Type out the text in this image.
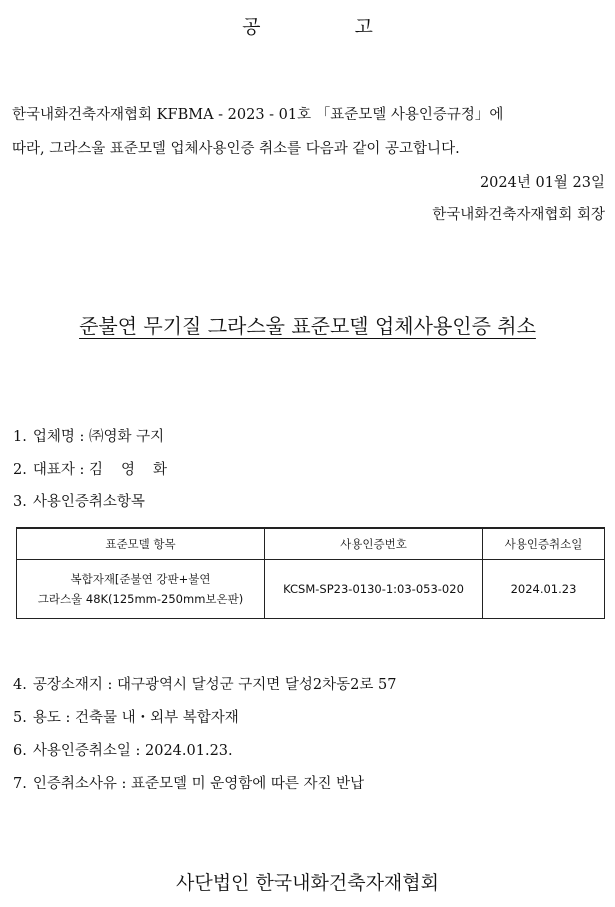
공 고
한국내화건축자재협회 KFBMA - 2023 - 01호 「표준모델 사용인증규정」에
따라, 그라스울 표준모델 업체사용인증 취소를 다음과 같이 공고합니다.
2024년 01월 23일
한국내화건축자재협회 회장
준불연 무기질 그라스울 표준모델 업체사용인증 취소
1. 업체명 : ㈜영화 구지
2. 대표자 : 김영화
3. 사용인증취소항목
표준모델 항목	사용인증번호	사용인증취소일

복합자재[준불연 강판+불연
그라스울 48K(125mm-250mm보온판)	KCSM-SP23-0130-1:03-053-020	2024.01.23
4. 공장소재지 : 대구광역시 달성군 구지면 달성2차동2로 57
5. 용도 : 건축물 내・외부 복합자재
6. 사용인증취소일 : 2024.01.23.
7. 인증취소사유 : 표준모델 미 운영함에 따른 자진 반납
사단법인 한국내화건축자재협회
